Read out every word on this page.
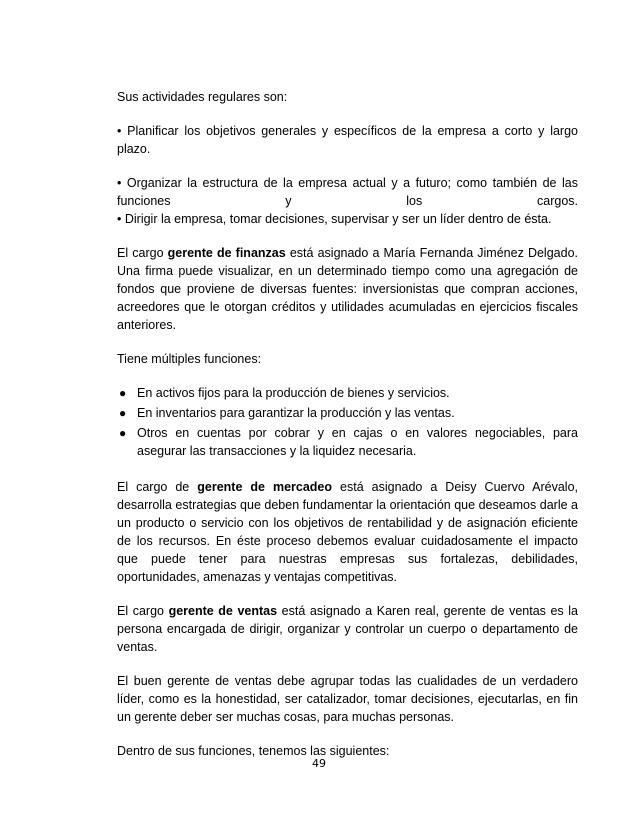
Sus actividades regulares son:

• Planificar los objetivos generales y específicos de la empresa a corto y largo plazo.

• Organizar la estructura de la empresa actual y a futuro; como también de las

funciones y los cargos.

• Dirigir la empresa, tomar decisiones, supervisar y ser un líder dentro de ésta.

El cargo gerente de finanzas está asignado a María Fernanda Jiménez Delgado. Una firma puede visualizar, en un determinado tiempo como una agregación de fondos que proviene de diversas fuentes: inversionistas que compran acciones, acreedores que le otorgan créditos y utilidades acumuladas en ejercicios fiscales anteriores.

Tiene múltiples funciones:

● En activos fijos para la producción de bienes y servicios.
● En inventarios para garantizar la producción y las ventas.
● Otros en cuentas por cobrar y en cajas o en valores negociables, para asegurar las transacciones y la liquidez necesaria.

El cargo de gerente de mercadeo está asignado a Deisy Cuervo Arévalo, desarrolla estrategias que deben fundamentar la orientación que deseamos darle a un producto o servicio con los objetivos de rentabilidad y de asignación eficiente de los recursos. En éste proceso debemos evaluar cuidadosamente el impacto que puede tener para nuestras empresas sus fortalezas, debilidades, oportunidades, amenazas y ventajas competitivas.

El cargo gerente de ventas está asignado a Karen real, gerente de ventas es la persona encargada de dirigir, organizar y controlar un cuerpo o departamento de ventas.

El buen gerente de ventas debe agrupar todas las cualidades de un verdadero líder, como es la honestidad, ser catalizador, tomar decisiones, ejecutarlas, en fin un gerente deber ser muchas cosas, para muchas personas.

Dentro de sus funciones, tenemos las siguientes:

49
